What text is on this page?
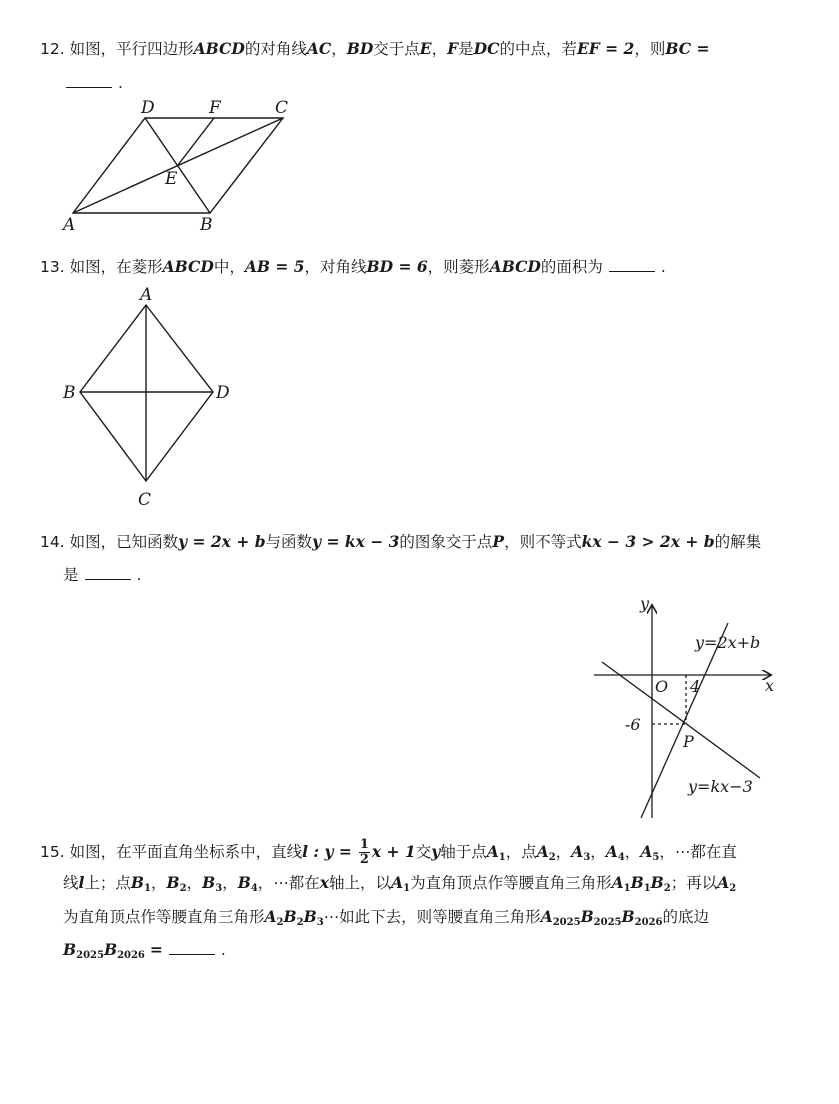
12. 如图，平行四边形ABCD的对角线AC，BD交于点E，F是DC的中点，若EF = 2，则BC =
.
D	F	C
E
A	B
13. 如图，在菱形ABCD中，AB = 5，对角线BD = 6，则菱形ABCD的面积为	.
A
B	D
C
14. 如图，已知函数y = 2x + b与函数y = kx − 3的图象交于点P，则不等式kx − 3 > 2x + b的解集
是	.
y
x
O 4
-6
P
y=2x+b
y=kx−3
15. 如图，在平面直角坐标系中，直线l : $y = \frac{1}{2}$ x + 1交y轴于点$A_1$，点$A_2$，$A_3$，$A_4$，$A_5$，⋯都在直
线l上；点$B_1$，$B_2$，$B_3$，$B_4$，⋯都在x轴上，以$A_1$为直角顶点作等腰直角三角形$A_1B_1B_2$；再以$A_2$
为直角顶点作等腰直角三角形$A_2B_2B_3\cdots$如此下去，则等腰直角三角形$A_{2025}B_{2025}B_{2026}$的底边
$B_{2025}B_{2026}$ =	.
